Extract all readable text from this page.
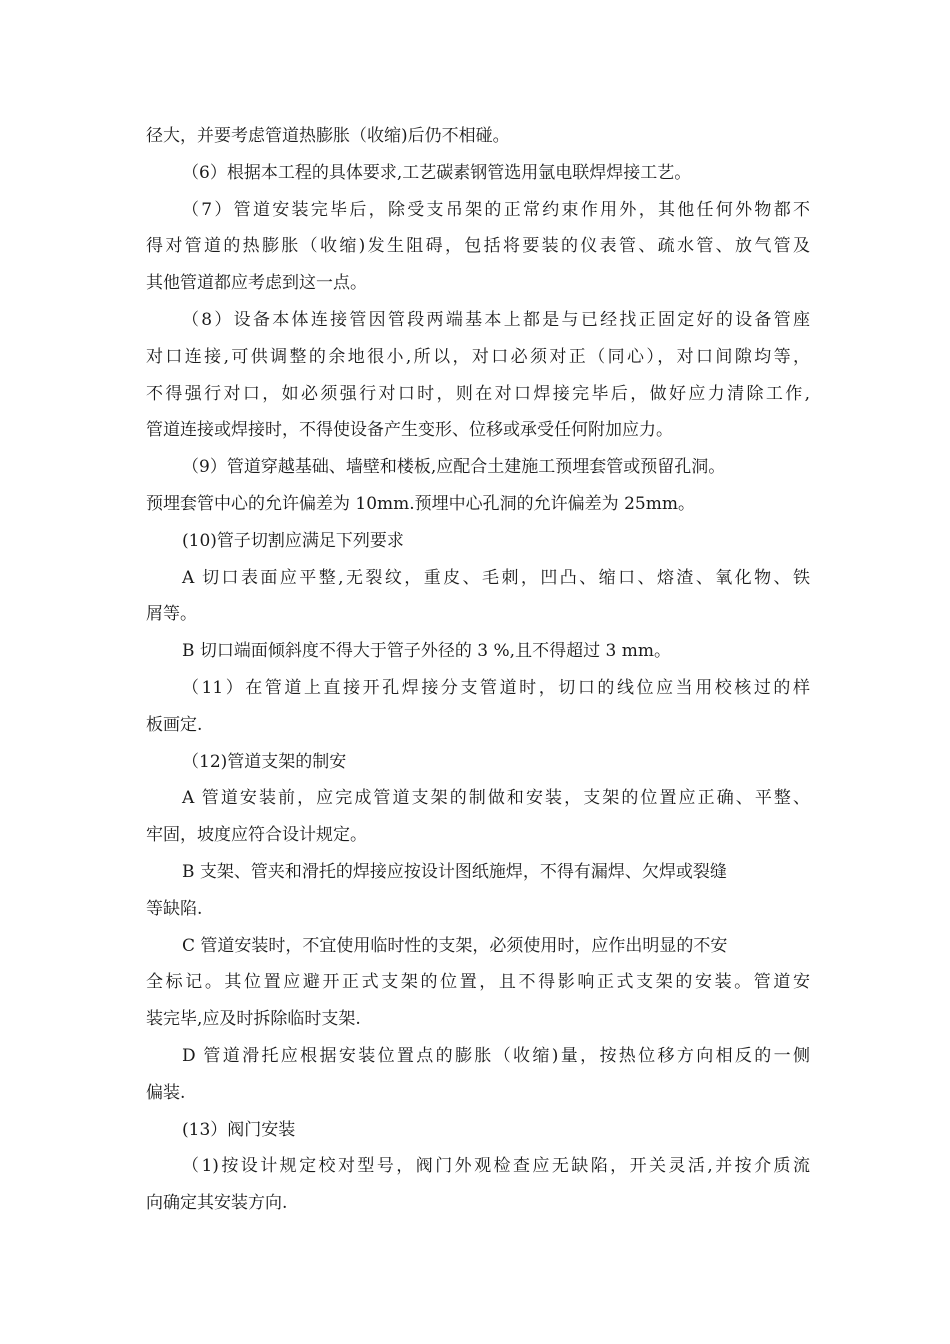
径大，并要考虑管道热膨胀（收缩)后仍不相碰。
（6）根据本工程的具体要求,工艺碳素钢管选用氩电联焊焊接工艺。
（7）管道安装完毕后，除受支吊架的正常约束作用外，其他任何外物都不
得对管道的热膨胀（收缩)发生阻碍，包括将要装的仪表管、疏水管、放气管及
其他管道都应考虑到这一点。
（8）设备本体连接管因管段两端基本上都是与已经找正固定好的设备管座
对口连接,可供调整的余地很小,所以，对口必须对正（同心），对口间隙均等，
不得强行对口，如必须强行对口时，则在对口焊接完毕后，做好应力清除工作,
管道连接或焊接时，不得使设备产生变形、位移或承受任何附加应力。
（9）管道穿越基础、墙壁和楼板,应配合土建施工预埋套管或预留孔洞。
预埋套管中心的允许偏差为 10mm.预埋中心孔洞的允许偏差为 25mm。
(10)管子切割应满足下列要求
A 切口表面应平整,无裂纹，重皮、毛刺，凹凸、缩口、熔渣、氧化物、铁
屑等。
B 切口端面倾斜度不得大于管子外径的 3 %,且不得超过 3 mm。
（11）在管道上直接开孔焊接分支管道时，切口的线位应当用校核过的样
板画定.
（12)管道支架的制安
A 管道安装前，应完成管道支架的制做和安装，支架的位置应正确、平整、
牢固，坡度应符合设计规定。
B 支架、管夹和滑托的焊接应按设计图纸施焊，不得有漏焊、欠焊或裂缝
等缺陷.
C 管道安装时，不宜使用临时性的支架，必须使用时，应作出明显的不安
全标记。其位置应避开正式支架的位置，且不得影响正式支架的安装。管道安
装完毕,应及时拆除临时支架.
D 管道滑托应根据安装位置点的膨胀（收缩)量，按热位移方向相反的一侧
偏装.
(13）阀门安装
（1)按设计规定校对型号，阀门外观检查应无缺陷，开关灵活,并按介质流
向确定其安装方向.
